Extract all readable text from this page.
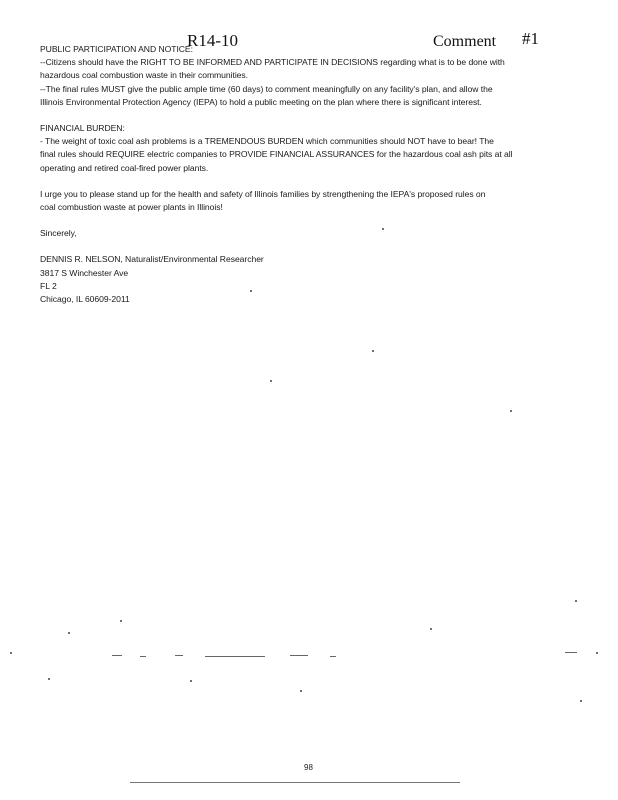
R14-10	Comment #1
PUBLIC PARTICIPATION AND NOTICE:
--Citizens should have the RIGHT TO BE INFORMED AND PARTICIPATE IN DECISIONS regarding what is to be done with
hazardous coal combustion waste in their communities.
--The final rules MUST give the public ample time (60 days) to comment meaningfully on any facility's plan, and allow the
Illinois Environmental Protection Agency (IEPA) to hold a public meeting on the plan where there is significant interest.
FINANCIAL BURDEN:
- The weight of toxic coal ash problems is a TREMENDOUS BURDEN which communities should NOT have to bear! The
final rules should REQUIRE electric companies to PROVIDE FINANCIAL ASSURANCES for the hazardous coal ash pits at all
operating and retired coal-fired power plants.
I urge you to please stand up for the health and safety of Illinois families by strengthening the IEPA's proposed rules on
coal combustion waste at power plants in Illinois!
Sincerely,
DENNIS R. NELSON, Naturalist/Environmental Researcher
3817 S Winchester Ave
FL 2
Chicago, IL 60609-2011
98
